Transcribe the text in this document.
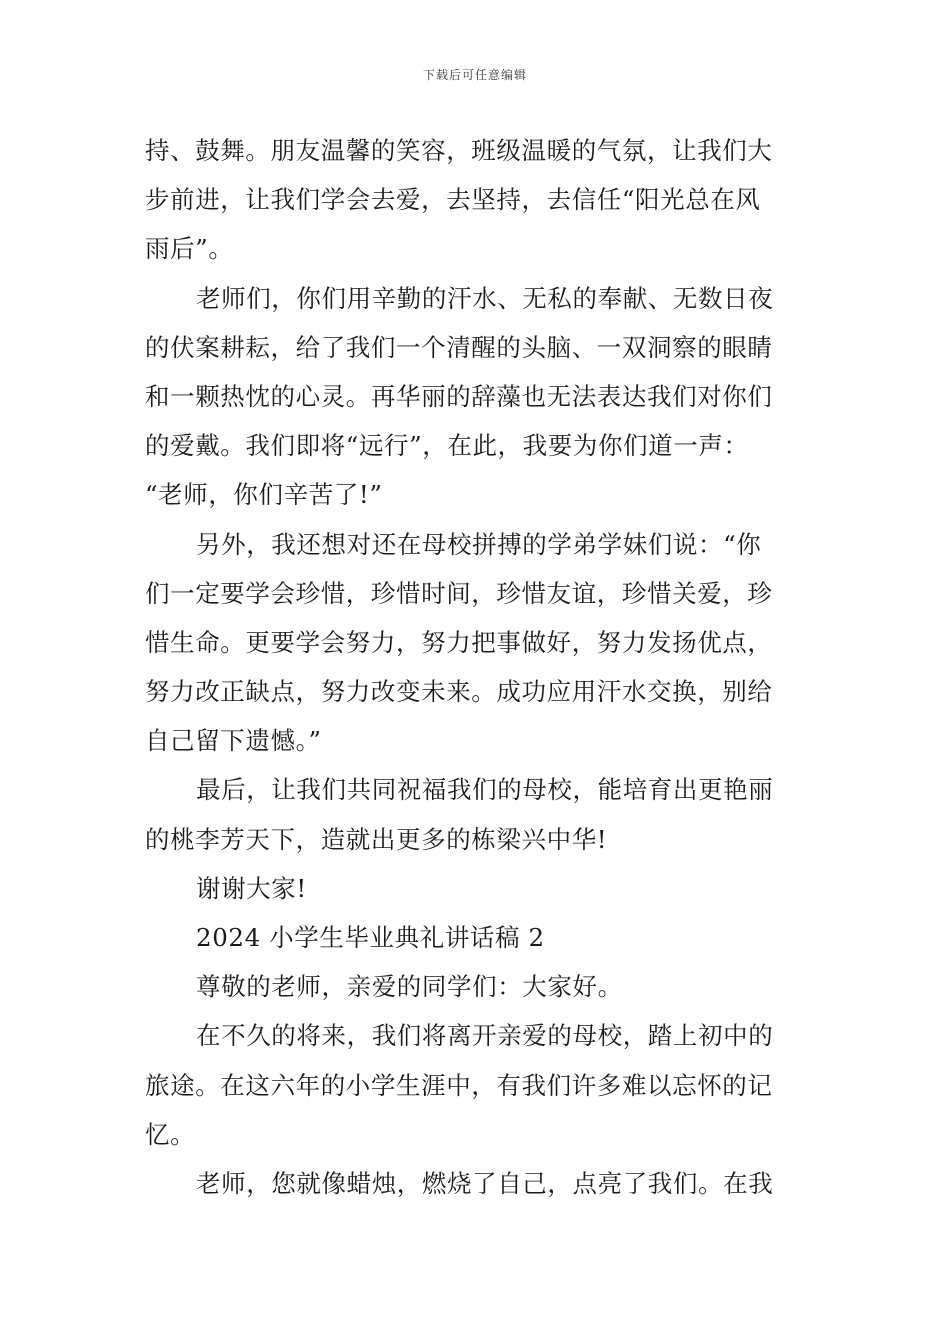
下载后可任意编辑
持、鼓舞。朋友温馨的笑容，班级温暖的气氛，让我们大
步前进，让我们学会去爱，去坚持，去信任“阳光总在风
雨后”。
老师们，你们用辛勤的汗水、无私的奉献、无数日夜
的伏案耕耘，给了我们一个清醒的头脑、一双洞察的眼睛
和一颗热忱的心灵。再华丽的辞藻也无法表达我们对你们
的爱戴。我们即将“远行”，在此，我要为你们道一声：
“老师，你们辛苦了!”
另外，我还想对还在母校拼搏的学弟学妹们说：“你
们一定要学会珍惜，珍惜时间，珍惜友谊，珍惜关爱，珍
惜生命。更要学会努力，努力把事做好，努力发扬优点，
努力改正缺点，努力改变未来。成功应用汗水交换，别给
自己留下遗憾。”
最后，让我们共同祝福我们的母校，能培育出更艳丽
的桃李芳天下，造就出更多的栋梁兴中华!
谢谢大家!
2024 小学生毕业典礼讲话稿 2
尊敬的老师，亲爱的同学们：大家好。
在不久的将来，我们将离开亲爱的母校，踏上初中的
旅途。在这六年的小学生涯中，有我们许多难以忘怀的记
忆。
老师，您就像蜡烛，燃烧了自己，点亮了我们。在我
